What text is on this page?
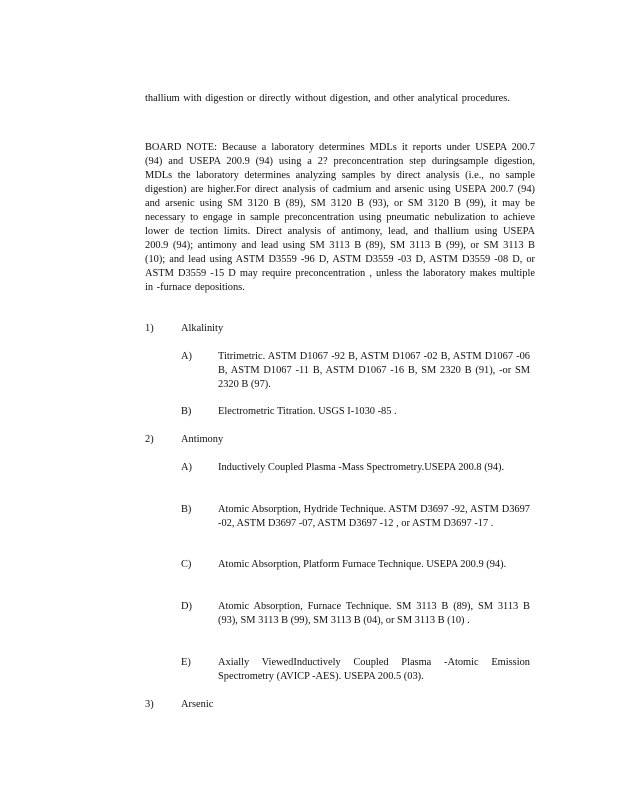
thallium with digestion or directly without digestion, and other analytical procedures.

BOARD NOTE: Because a laboratory determines MDLs it reports under USEPA 200.7 (94) and USEPA 200.9 (94) using a 2? preconcentration step duringsample digestion, MDLs the laboratory determines analyzing samples by direct analysis (i.e., no sample digestion) are higher.For direct analysis of cadmium and arsenic using USEPA 200.7 (94) and arsenic using SM 3120 B (89), SM 3120 B (93), or SM 3120 B (99), it may be necessary to engage in sample preconcentration using pneumatic nebulization to achieve lower de tection limits. Direct analysis of antimony, lead, and thallium using USEPA 200.9 (94); antimony and lead using SM 3113 B (89), SM 3113 B (99), or SM 3113 B (10); and lead using ASTM D3559 -96 D, ASTM D3559 -03 D, ASTM D3559 -08 D, or ASTM D3559 -15 D may require preconcentration , unless the laboratory makes multiple in -furnace depositions.

1)	Alkalinity
A)	Titrimetric. ASTM D1067 -92 B, ASTM D1067 -02 B, ASTM D1067 -06 B, ASTM D1067 -11 B, ASTM D1067 -16 B, SM 2320 B (91), -or SM 2320 B (97).
B)	Electrometric Titration. USGS I-1030 -85 .
2)	Antimony
A)	Inductively Coupled Plasma -Mass Spectrometry.USEPA 200.8 (94).
B)	Atomic Absorption, Hydride Technique. ASTM D3697 -92, ASTM D3697 -02, ASTM D3697 -07, ASTM D3697 -12 , or ASTM D3697 -17 .
C)	Atomic Absorption, Platform Furnace Technique. USEPA 200.9 (94).
D)	Atomic Absorption, Furnace Technique. SM 3113 B (89), SM 3113 B (93), SM 3113 B (99), SM 3113 B (04), or SM 3113 B (10) .
E)	Axially ViewedInductively Coupled Plasma -Atomic Emission Spectrometry (AVICP -AES). USEPA 200.5 (03).
3)	Arsenic
